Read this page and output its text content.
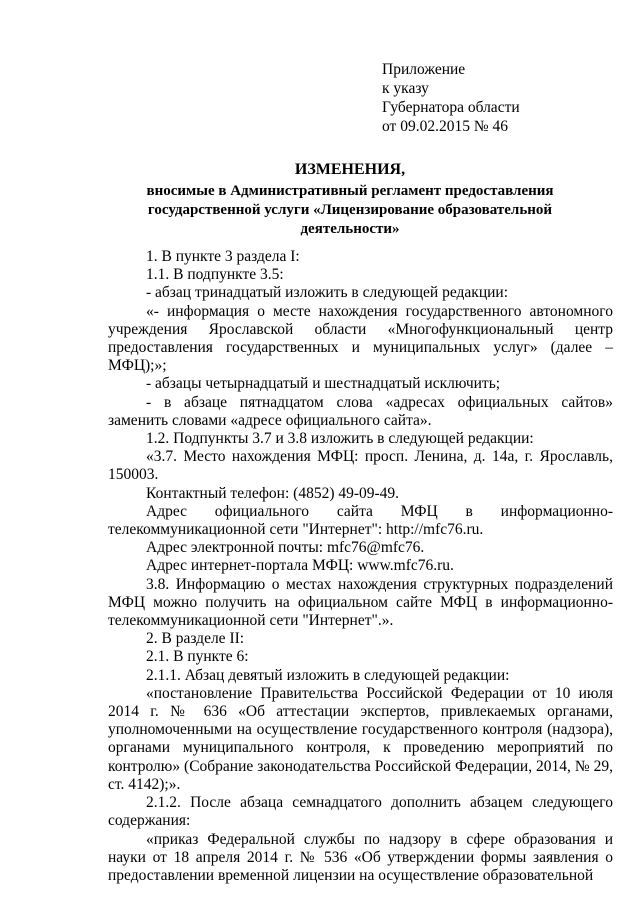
Приложение
к указу
Губернатора области
от 09.02.2015 № 46
ИЗМЕНЕНИЯ,
вносимые в Административный регламент предоставления государственной услуги «Лицензирование образовательной деятельности»

1. В пункте 3 раздела I:

1.1. В подпункте 3.5:

- абзац тринадцатый изложить в следующей редакции:

«- информация о месте нахождения государственного автономного учреждения Ярославской области «Многофункциональный центр предоставления государственных и муниципальных услуг» (далее – МФЦ);»;

- абзацы четырнадцатый и шестнадцатый исключить;

- в абзаце пятнадцатом слова «адресах официальных сайтов» заменить словами «адресе официального сайта».

1.2. Подпункты 3.7 и 3.8 изложить в следующей редакции:

«3.7. Место нахождения МФЦ: просп. Ленина, д. 14а, г. Ярославль, 150003.

Контактный телефон: (4852) 49-09-49.

Адрес официального сайта МФЦ в информационно-телекоммуникационной сети "Интернет": http://mfc76.ru.

Адрес электронной почты: mfc76@mfc76.

Адрес интернет-портала МФЦ: www.mfc76.ru.

3.8. Информацию о местах нахождения структурных подразделений МФЦ можно получить на официальном сайте МФЦ в информационно-телекоммуникационной сети "Интернет".».

2. В разделе II:

2.1. В пункте 6:

2.1.1. Абзац девятый изложить в следующей редакции:

«постановление Правительства Российской Федерации от 10 июля 2014 г. № 636 «Об аттестации экспертов, привлекаемых органами, уполномоченными на осуществление государственного контроля (надзора), органами муниципального контроля, к проведению мероприятий по контролю» (Собрание законодательства Российской Федерации, 2014, № 29, ст. 4142);».

2.1.2. После абзаца семнадцатого дополнить абзацем следующего содержания:

«приказ Федеральной службы по надзору в сфере образования и науки от 18 апреля 2014 г. № 536 «Об утверждении формы заявления о предоставлении временной лицензии на осуществление образовательной
